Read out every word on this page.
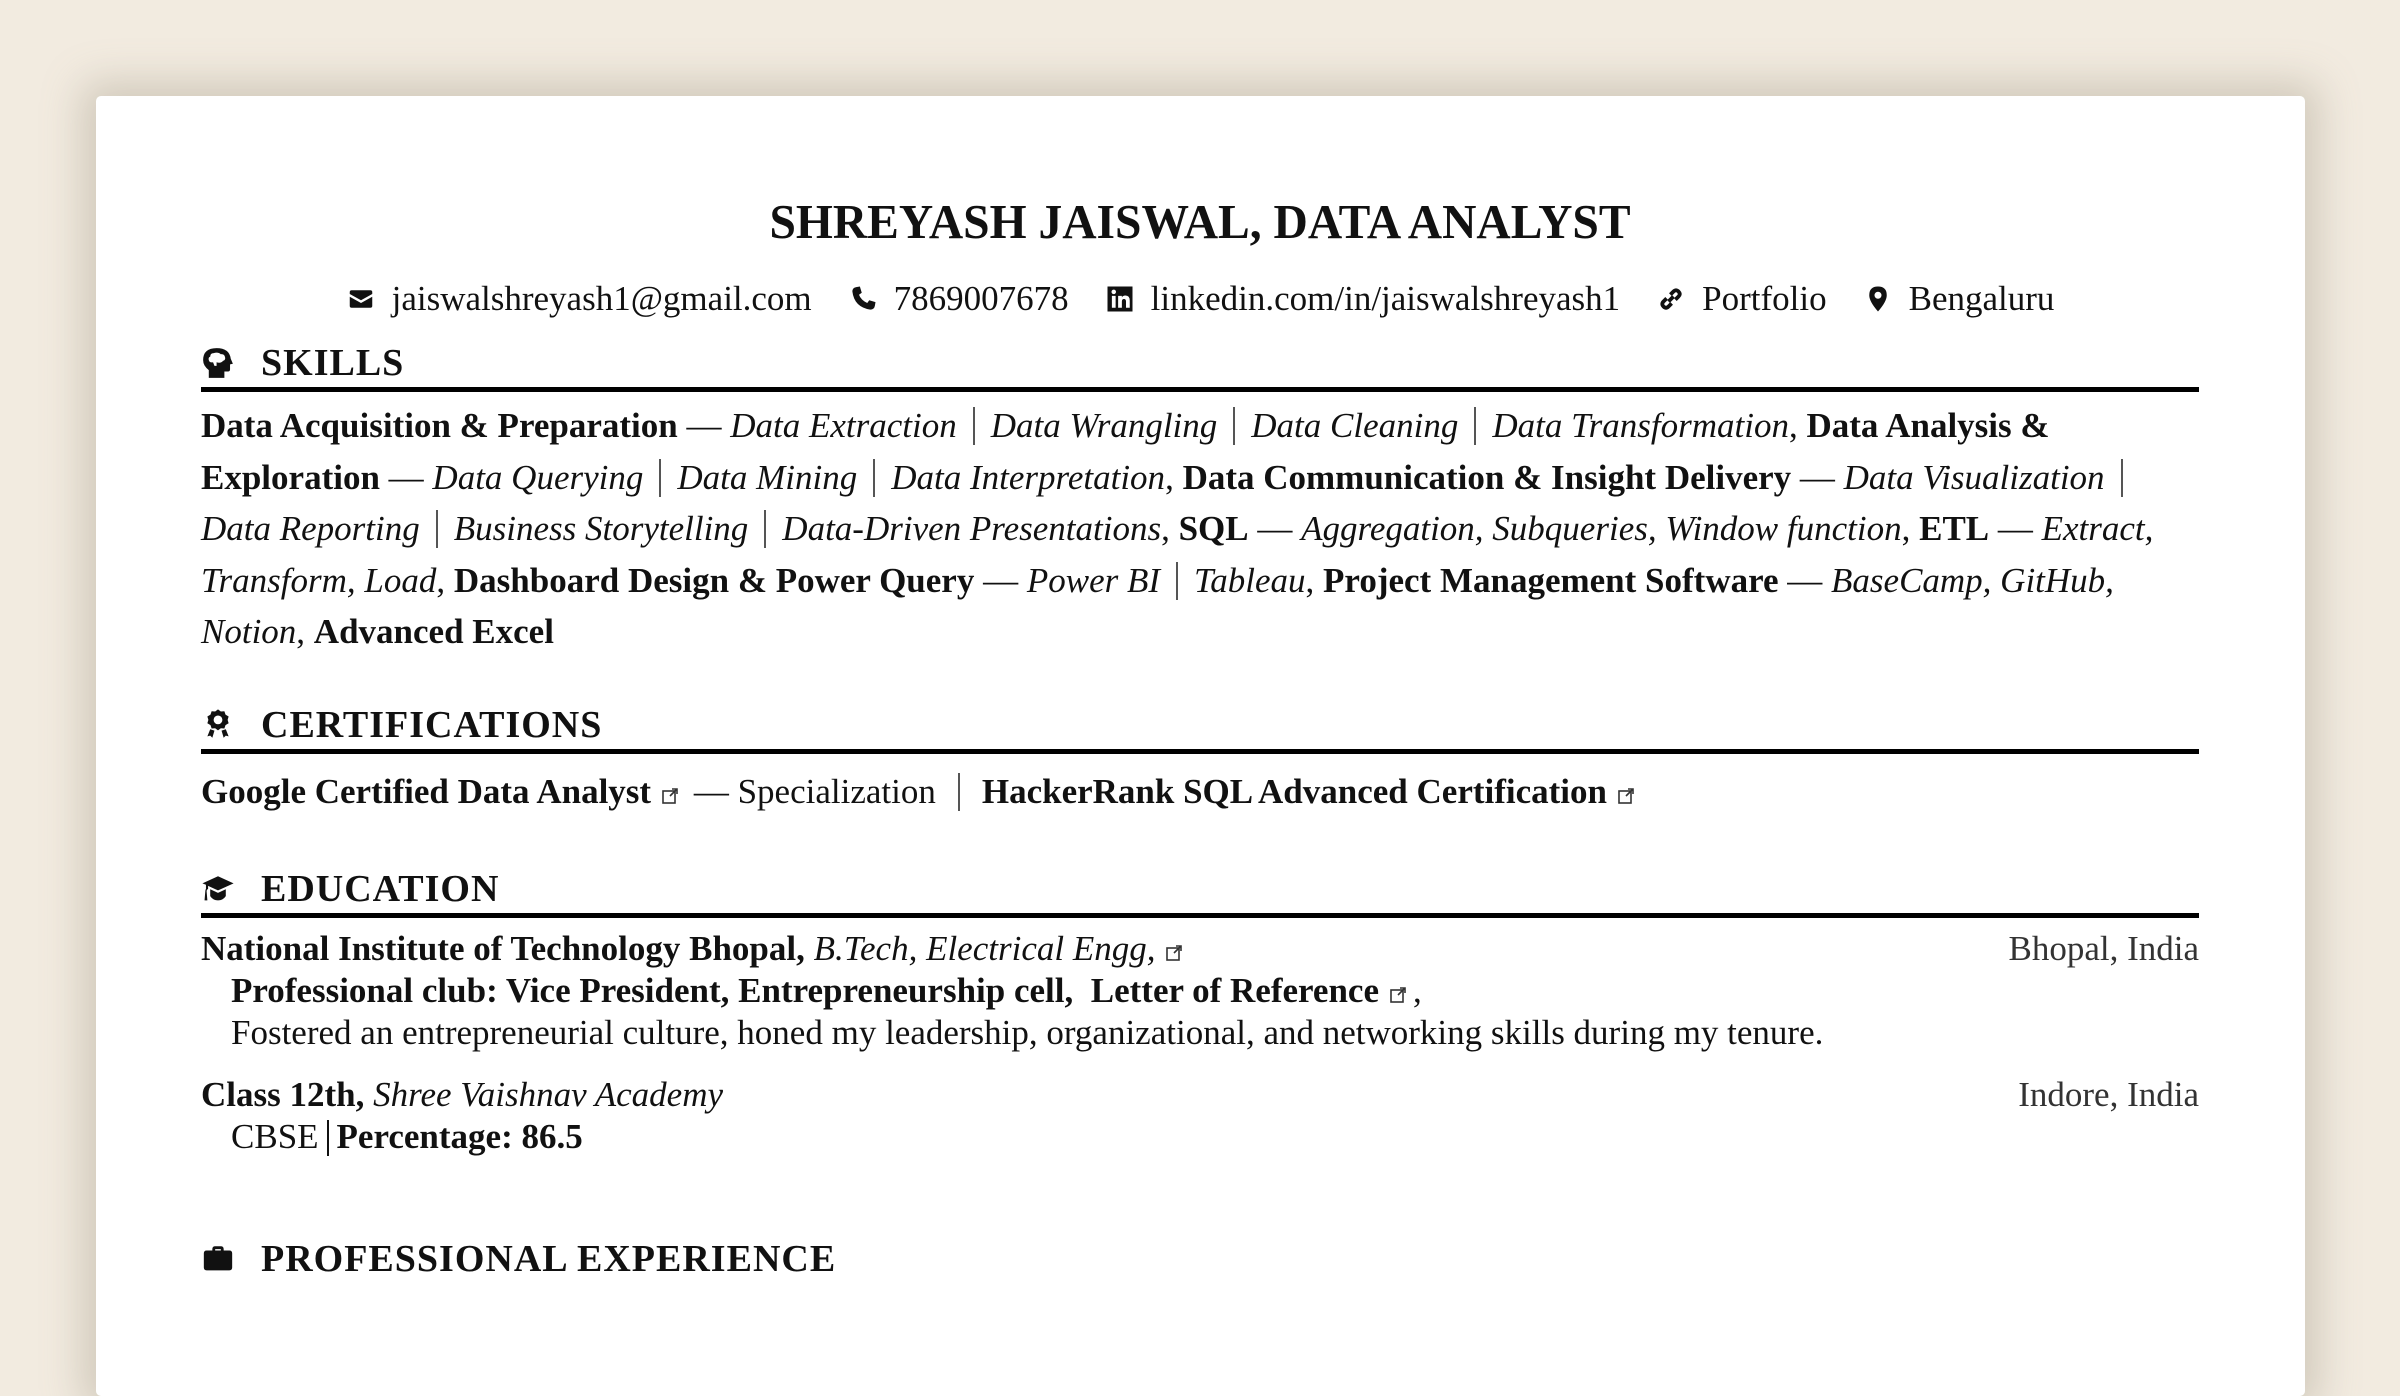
SHREYASH JAISWAL, DATA ANALYST
jaiswalshreyash1@gmail.com 7869007678 linkedin.com/in/jaiswalshreyash1 Portfolio Bengaluru
SKILLS
Data Acquisition & Preparation — Data Extraction Data Wrangling Data Cleaning Data Transformation, Data Analysis & Exploration — Data Querying Data Mining Data Interpretation, Data Communication & Insight Delivery — Data VisualizationData Reporting Business Storytelling Data-Driven Presentations, SQL — Aggregation, Subqueries, Window function, ETL — Extract, Transform, Load, Dashboard Design & Power Query — Power BI Tableau, Project Management Software — BaseCamp, GitHub, Notion, Advanced Excel
CERTIFICATIONS
Google Certified Data Analyst — Specialization HackerRank SQL Advanced Certification
EDUCATION
National Institute of Technology Bhopal, B.Tech, Electrical Engg,	Bhopal, India
Professional club: Vice President, Entrepreneurship cell, Letter of Reference ,
Fostered an entrepreneurial culture, honed my leadership, organizational, and networking skills during my tenure.
Class 12th, Shree Vaishnav Academy	Indore, India
CBSE Percentage: 86.5
PROFESSIONAL EXPERIENCE
